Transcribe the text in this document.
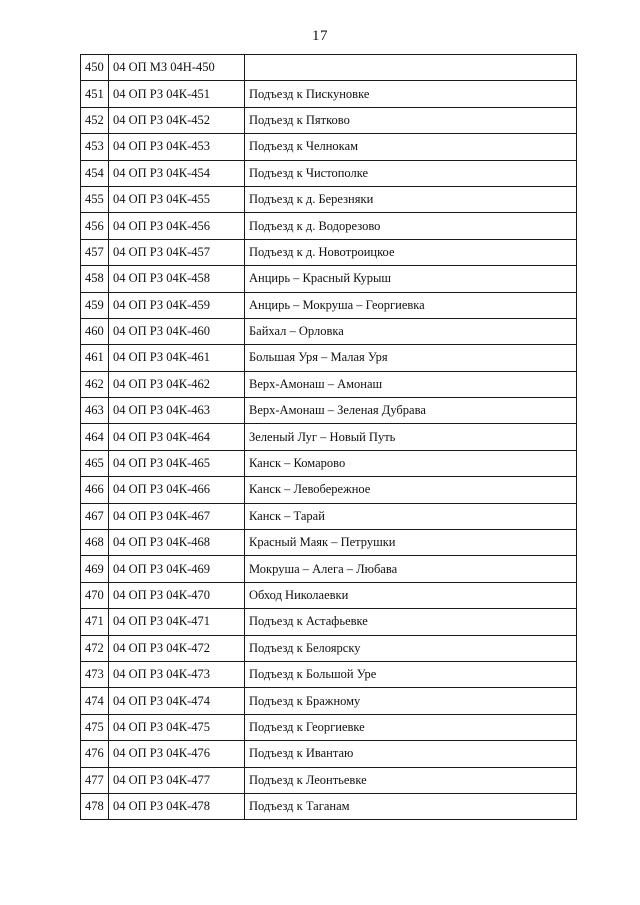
17
450	04 ОП МЗ 04Н-450	
451	04 ОП РЗ 04К-451	Подъезд к Пискуновке
452	04 ОП РЗ 04К-452	Подъезд к Пятково
453	04 ОП РЗ 04К-453	Подъезд к Челнокам
454	04 ОП РЗ 04К-454	Подъезд к Чистополке
455	04 ОП РЗ 04К-455	Подъезд к д. Березняки
456	04 ОП РЗ 04К-456	Подъезд к д. Водорезово
457	04 ОП РЗ 04К-457	Подъезд к д. Новотроицкое
458	04 ОП РЗ 04К-458	Анцирь – Красный Курыш
459	04 ОП РЗ 04К-459	Анцирь – Мокруша – Георгиевка
460	04 ОП РЗ 04К-460	Байхал – Орловка
461	04 ОП РЗ 04К-461	Большая Уря – Малая Уря
462	04 ОП РЗ 04К-462	Верх-Амонаш – Амонаш
463	04 ОП РЗ 04К-463	Верх-Амонаш – Зеленая Дубрава
464	04 ОП РЗ 04К-464	Зеленый Луг – Новый Путь
465	04 ОП РЗ 04К-465	Канск – Комарово
466	04 ОП РЗ 04К-466	Канск – Левобережное
467	04 ОП РЗ 04К-467	Канск – Тарай
468	04 ОП РЗ 04К-468	Красный Маяк – Петрушки
469	04 ОП РЗ 04К-469	Мокруша – Алега – Любава
470	04 ОП РЗ 04К-470	Обход Николаевки
471	04 ОП РЗ 04К-471	Подъезд к Астафьевке
472	04 ОП РЗ 04К-472	Подъезд к Белоярску
473	04 ОП РЗ 04К-473	Подъезд к Большой Уре
474	04 ОП РЗ 04К-474	Подъезд к Бражному
475	04 ОП РЗ 04К-475	Подъезд к Георгиевке
476	04 ОП РЗ 04К-476	Подъезд к Ивантаю
477	04 ОП РЗ 04К-477	Подъезд к Леонтьевке
478	04 ОП РЗ 04К-478	Подъезд к Таганам
